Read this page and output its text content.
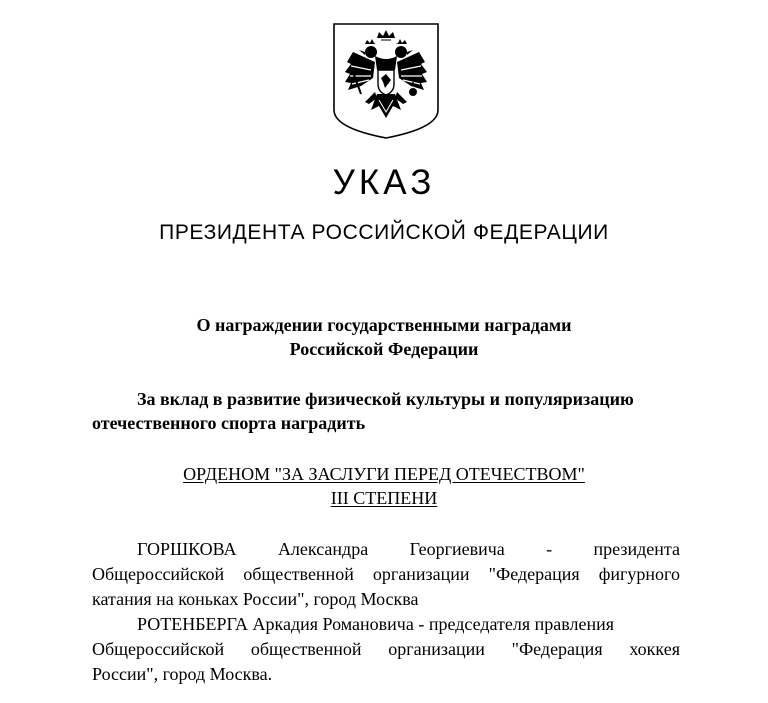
УКАЗ
ПРЕЗИДЕНТА РОССИЙСКОЙ ФЕДЕРАЦИИ
О награждении государственными наградами
Российской Федерации
За вклад в развитие физической культуры и популяризацию
отечественного спорта наградить
ОРДЕНОМ "ЗА ЗАСЛУГИ ПЕРЕД ОТЕЧЕСТВОМ"
III СТЕПЕНИ
ГОРШКОВА Александра Георгиевича - президента
Общероссийской общественной организации "Федерация фигурного
катания на коньках России", город Москва
РОТЕНБЕРГА Аркадия Романовича - председателя правления
Общероссийской общественной организации "Федерация хоккея
России", город Москва.
